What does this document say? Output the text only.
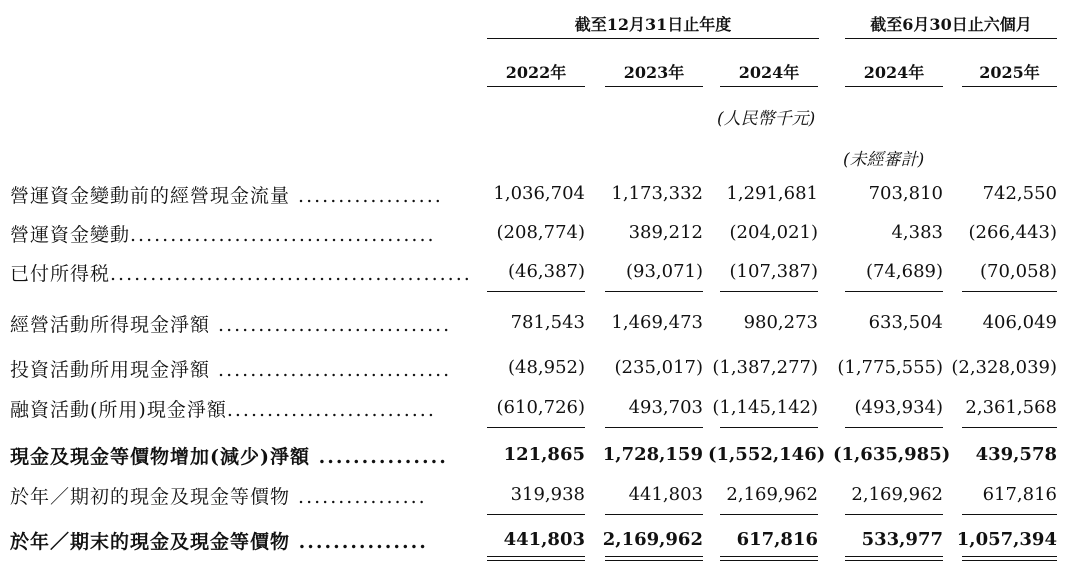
截至12月31日止年度	截至6月30日止六個月
2022年	2023年	2024年	2024年	2025年
(人民幣千元)
(未經審計)
營運資金變動前的經營現金流量 ..................	1,036,704	1,173,332	1,291,681	703,810	742,550
營運資金變動......................................	(208,774)	389,212	(204,021)	4,383	(266,443)
已付所得税.............................................	(46,387)	(93,071)	(107,387)	(74,689)	(70,058)
經營活動所得現金淨額 .............................	781,543	1,469,473	980,273	633,504	406,049
投資活動所用現金淨額 .............................	(48,952)	(235,017) (1,387,277) (1,775,555) (2,328,039)
融資活動(所用)現金淨額..........................	(610,726)	493,703 (1,145,142)	(493,934)	2,361,568
現金及現金等價物增加(減少)淨額 ...............	121,865 1,728,159 (1,552,146) (1,635,985)	439,578
於年／期初的現金及現金等價物 ................	319,938	441,803	2,169,962	2,169,962	617,816
於年／期末的現金及現金等價物 ...............	441,803 2,169,962	617,816	533,977 1,057,394
